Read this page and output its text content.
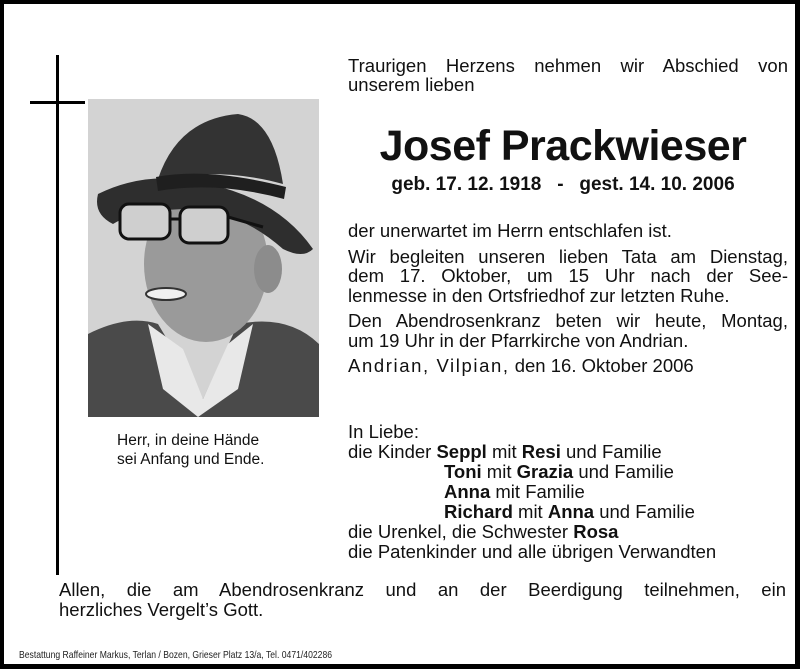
Herr, in deine Hände
sei Anfang und Ende.
Traurigen Herzens nehmen wir Abschied von
unserem lieben
Josef Prackwieser
geb. 17. 12. 1918 - gest. 14. 10. 2006

der unerwartet im Herrn entschlafen ist.

Wir begleiten unseren lieben Tata am Dienstag,
dem 17. Oktober, um 15 Uhr nach der See-
lenmesse in den Ortsfriedhof zur letzten Ruhe.

Den Abendrosenkranz beten wir heute, Montag,
um 19 Uhr in der Pfarrkirche von Andrian.

Andrian, Vilpian, den 16. Oktober 2006

In Liebe:
die Kinder Seppl mit Resi und Familie
Toni mit Grazia und Familie
Anna mit Familie
Richard mit Anna und Familie
die Urenkel, die Schwester Rosa
die Patenkinder und alle übrigen Verwandten
Allen, die am Abendrosenkranz und an der Beerdigung teilnehmen, ein
herzliches Vergelt’s Gott.
Bestattung Raffeiner Markus, Terlan / Bozen, Grieser Platz 13/a, Tel. 0471/402286
